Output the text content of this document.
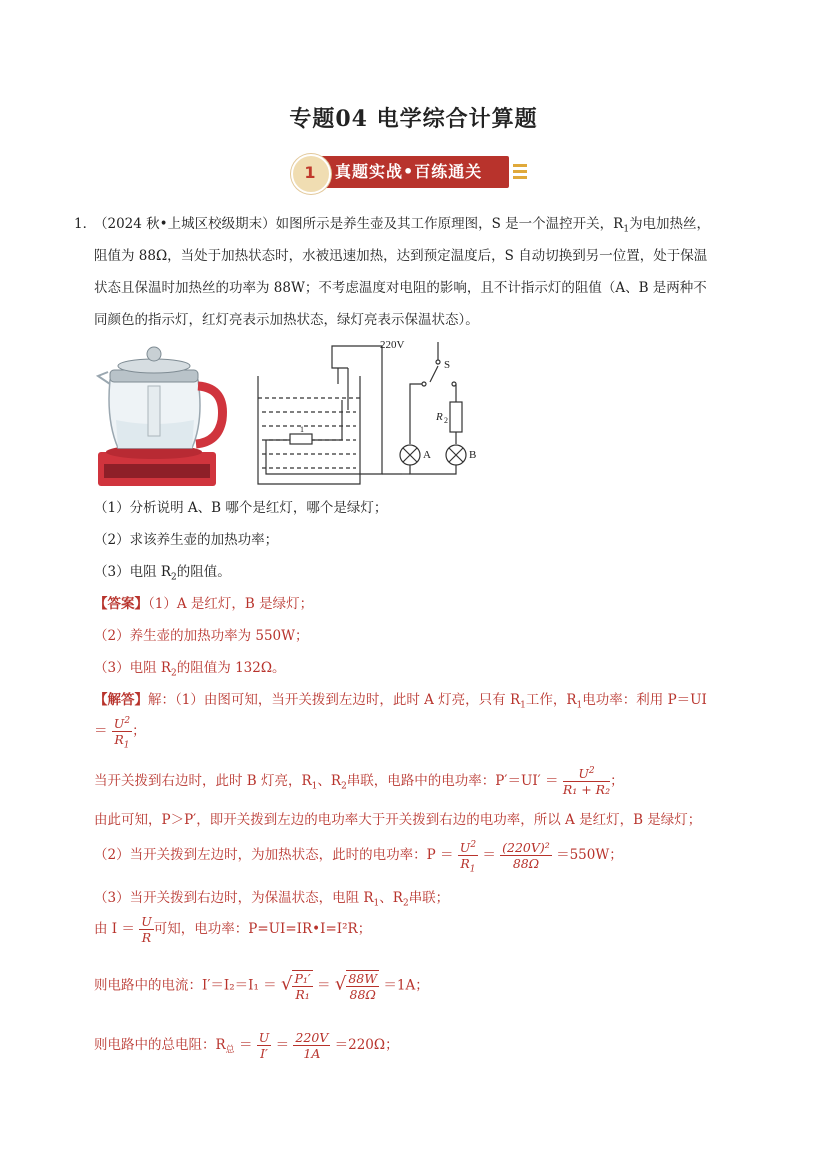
专题04 电学综合计算题
1	真题实战•百练通关
1．
（2024 秋•上城区校级期末）如图所示是养生壶及其工作原理图，S 是一个温控开关，$R_1$为电加热丝，
阻值为 88Ω，当处于加热状态时，水被迅速加热，达到预定温度后，S 自动切换到另一位置，处于保温
状态且保温时加热丝的功率为 88W；不考虑温度对电阻的影响，且不计指示灯的阻值（A、B 是两种不
同颜色的指示灯，红灯亮表示加热状态，绿灯亮表示保温状态）。
220V
S
R 2
1
A	B
（1）分析说明 A、B 哪个是红灯，哪个是绿灯；
（2）求该养生壶的加热功率；
（3）电阻 $R_2$的阻值。
【答案】（1）A 是红灯，B 是绿灯；
（2）养生壶的加热功率为 550W；
（3）电阻 $R_2$的阻值为 132Ω。
【解答】解：（1）由图可知，当开关拨到左边时，此时 A 灯亮，只有 $R_1$工作，$R_1$电功率：利用 P＝UI
＝ $\frac{U^2}{R_1}$ ；
当开关拨到右边时，此时 B 灯亮，$R_1$、$R_2$串联，电路中的电功率：$P'=UI' = \frac{U^2}{\text{R₁ + R₂}}$ ；
由此可知，P＞P′，即开关拨到左边的电功率大于开关拨到右边的电功率，所以 A 是红灯，B 是绿灯；
（2）当开关拨到左边时，为加热状态，此时的电功率：$P = \frac{U^2}{R_1} = \frac{\text{(220V)²}}{88\Omega} =550W$；
（3）当开关拨到右边时，为保温状态，电阻 $R_1$、$R_2$串联；
由 $I = \frac{U}{R}$ 可知，电功率：P=UI=IR•I=I²R；
则电路中的电流：I′＝I₂＝I₁ ＝ √ $\frac{\text{P₁′}}{\text{R₁}}$ ＝ √ $\frac{88W}{88\Omega} =1A$；
则电路中的总电阻：$R_总 = \frac{U}{I'} = \frac{220V}{1A} =220\Omega$；
